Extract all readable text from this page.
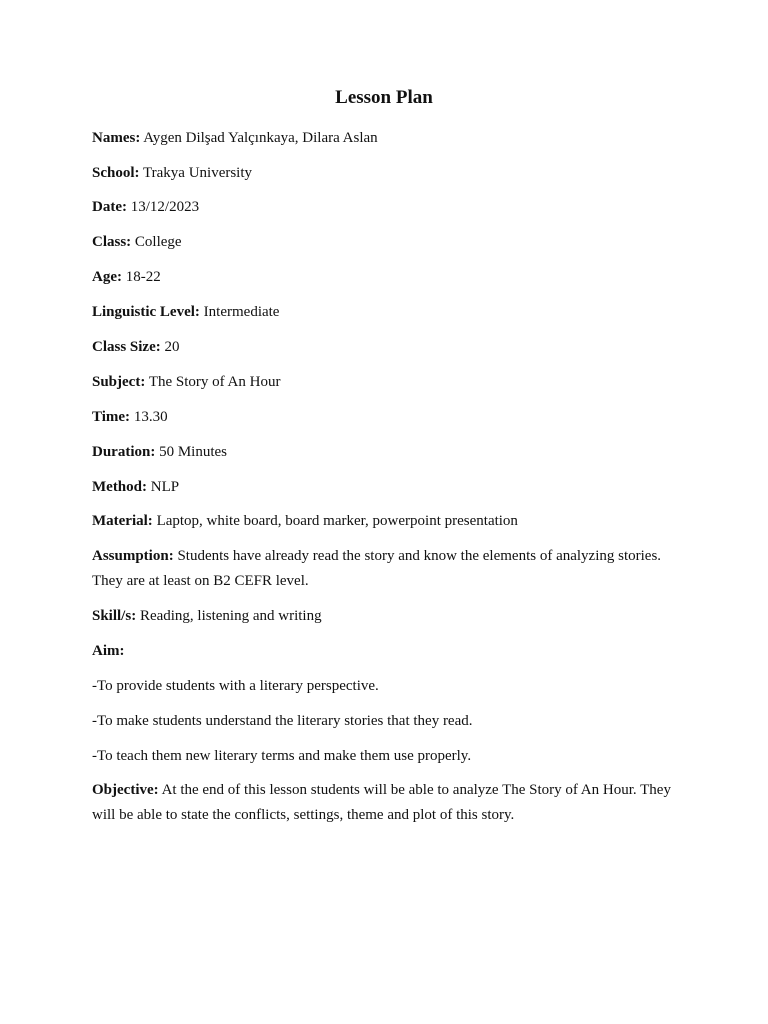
Lesson Plan
Names: Aygen Dilşad Yalçınkaya, Dilara Aslan
School: Trakya University
Date: 13/12/2023
Class: College
Age: 18-22
Linguistic Level: Intermediate
Class Size: 20
Subject: The Story of An Hour
Time: 13.30
Duration: 50 Minutes
Method: NLP
Material: Laptop, white board, board marker, powerpoint presentation
Assumption: Students have already read the story and know the elements of analyzing stories. They are at least on B2 CEFR level.
Skill/s: Reading, listening and writing
Aim:
-To provide students with a literary perspective.
-To make students understand the literary stories that they read.
-To teach them new literary terms and make them use properly.
Objective: At the end of this lesson students will be able to analyze The Story of An Hour. They will be able to state the conflicts, settings, theme and plot of this story.
